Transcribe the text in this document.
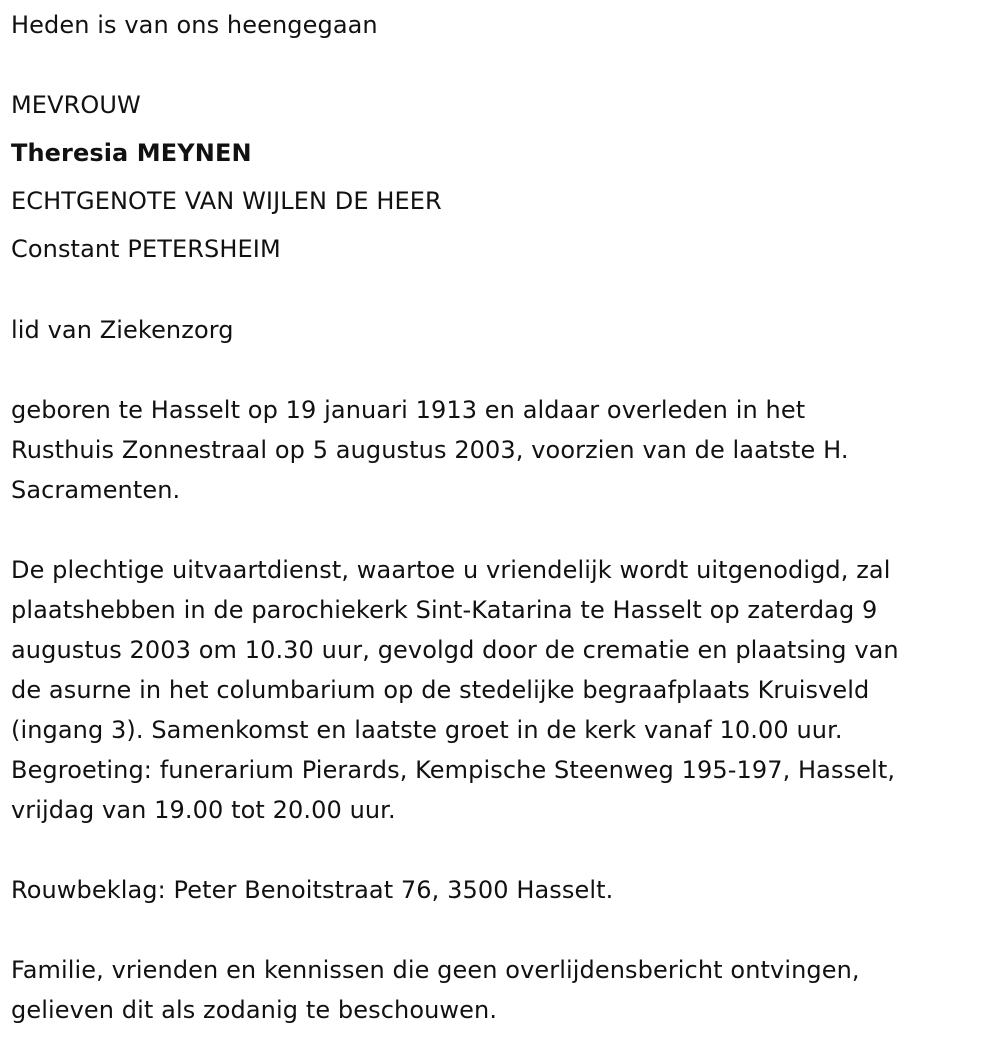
Heden is van ons heengegaan
MEVROUW
Theresia MEYNEN
ECHTGENOTE VAN WIJLEN DE HEER
Constant PETERSHEIM
lid van Ziekenzorg
geboren te Hasselt op 19 januari 1913 en aldaar overleden in het
Rusthuis Zonnestraal op 5 augustus 2003, voorzien van de laatste H.
Sacramenten.
De plechtige uitvaartdienst, waartoe u vriendelijk wordt uitgenodigd, zal
plaatshebben in de parochiekerk Sint-Katarina te Hasselt op zaterdag 9
augustus 2003 om 10.30 uur, gevolgd door de crematie en plaatsing van
de asurne in het columbarium op de stedelijke begraafplaats Kruisveld
(ingang 3). Samenkomst en laatste groet in de kerk vanaf 10.00 uur.
Begroeting: funerarium Pierards, Kempische Steenweg 195-197, Hasselt,
vrijdag van 19.00 tot 20.00 uur.
Rouwbeklag: Peter Benoitstraat 76, 3500 Hasselt.
Familie, vrienden en kennissen die geen overlijdensbericht ontvingen,
gelieven dit als zodanig te beschouwen.
